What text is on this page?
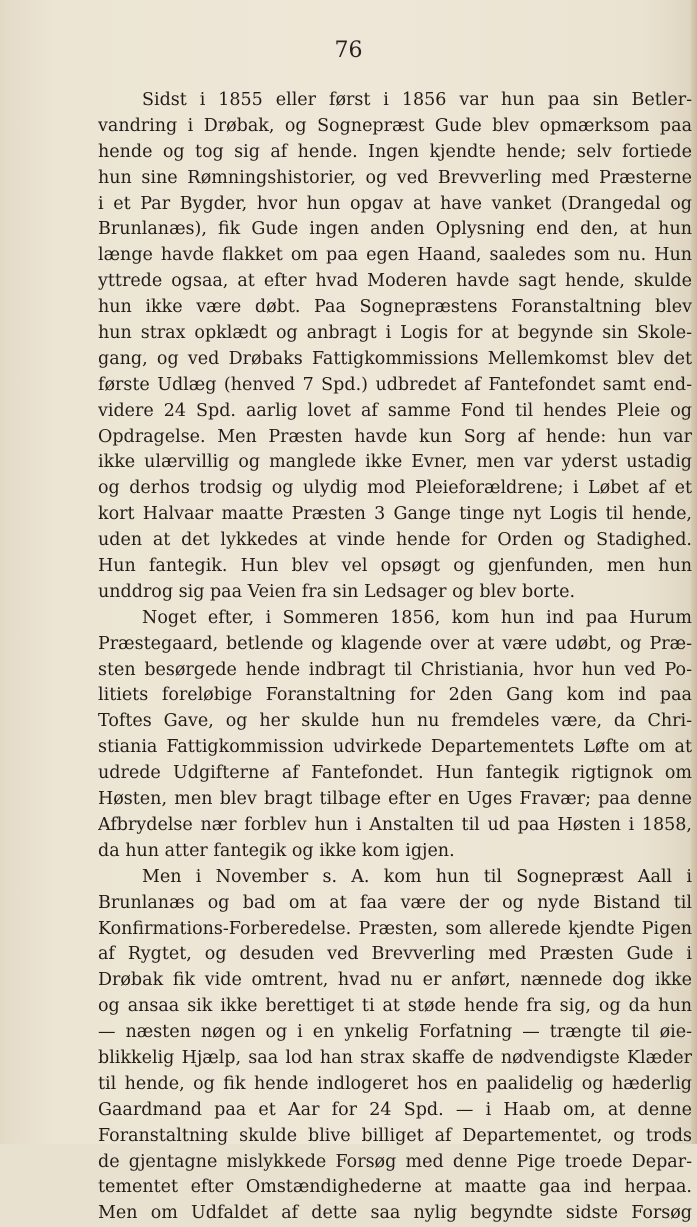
76
Sidst i 1855 eller først i 1856 var hun paa sin Betler-
vandring i Drøbak, og Sognepræst Gude blev opmærksom paa
hende og tog sig af hende. Ingen kjendte hende; selv fortiede
hun sine Rømningshistorier, og ved Brevverling med Præsterne
i et Par Bygder, hvor hun opgav at have vanket (Drangedal og
Brunlanæs), fik Gude ingen anden Oplysning end den, at hun
længe havde flakket om paa egen Haand, saaledes som nu. Hun
yttrede ogsaa, at efter hvad Moderen havde sagt hende, skulde
hun ikke være døbt. Paa Sognepræstens Foranstaltning blev
hun strax opklædt og anbragt i Logis for at begynde sin Skole-
gang, og ved Drøbaks Fattigkommissions Mellemkomst blev det
første Udlæg (henved 7 Spd.) udbredet af Fantefondet samt end-
videre 24 Spd. aarlig lovet af samme Fond til hendes Pleie og
Opdragelse. Men Præsten havde kun Sorg af hende: hun var
ikke ulærvillig og manglede ikke Evner, men var yderst ustadig
og derhos trodsig og ulydig mod Pleieforældrene; i Løbet af et
kort Halvaar maatte Præsten 3 Gange tinge nyt Logis til hende,
uden at det lykkedes at vinde hende for Orden og Stadighed.
Hun fantegik. Hun blev vel opsøgt og gjenfunden, men hun
unddrog sig paa Veien fra sin Ledsager og blev borte.
Noget efter, i Sommeren 1856, kom hun ind paa Hurum
Præstegaard, betlende og klagende over at være udøbt, og Præ-
sten besørgede hende indbragt til Christiania, hvor hun ved Po-
litiets foreløbige Foranstaltning for 2den Gang kom ind paa
Toftes Gave, og her skulde hun nu fremdeles være, da Chri-
stiania Fattigkommission udvirkede Departementets Løfte om at
udrede Udgifterne af Fantefondet. Hun fantegik rigtignok om
Høsten, men blev bragt tilbage efter en Uges Fravær; paa denne
Afbrydelse nær forblev hun i Anstalten til ud paa Høsten i 1858,
da hun atter fantegik og ikke kom igjen.
Men i November s. A. kom hun til Sognepræst Aall i
Brunlanæs og bad om at faa være der og nyde Bistand til
Konfirmations-Forberedelse. Præsten, som allerede kjendte Pigen
af Rygtet, og desuden ved Brevverling med Præsten Gude i
Drøbak fik vide omtrent, hvad nu er anført, nænnede dog ikke
og ansaa sik ikke berettiget ti at støde hende fra sig, og da hun
— næsten nøgen og i en ynkelig Forfatning — trængte til øie-
blikkelig Hjælp, saa lod han strax skaffe de nødvendigste Klæder
til hende, og fik hende indlogeret hos en paalidelig og hæderlig
Gaardmand paa et Aar for 24 Spd. — i Haab om, at denne
Foranstaltning skulde blive billiget af Departementet, og trods
de gjentagne mislykkede Forsøg med denne Pige troede Depar-
tementet efter Omstændighederne at maatte gaa ind herpaa.
Men om Udfaldet af dette saa nylig begyndte sidste Forsøg
